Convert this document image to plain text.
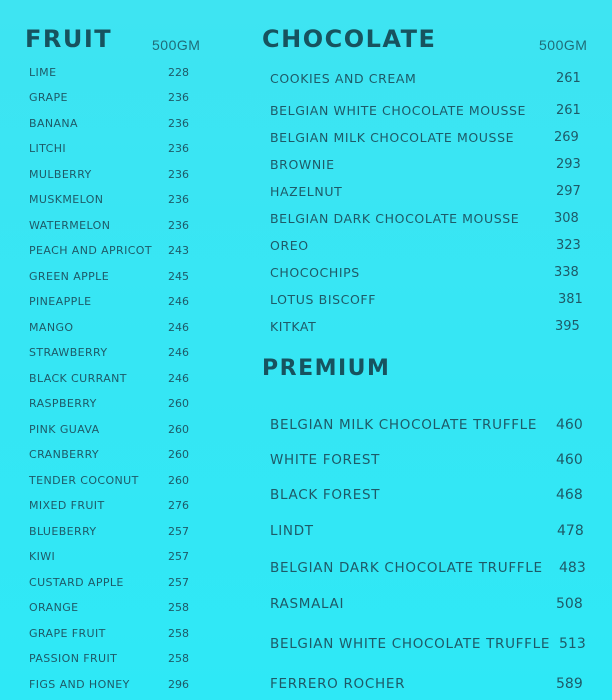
FRUIT	500GM	CHOCOLATE	500GM
PREMIUM
LIME	228
GRAPE	236
BANANA	236
LITCHI	236
MULBERRY	236
MUSKMELON	236
WATERMELON	236
PEACH AND APRICOT 243
GREEN APPLE	245
PINEAPPLE	246
MANGO	246
STRAWBERRY	246
BLACK CURRANT	246
RASPBERRY	260
PINK GUAVA	260
CRANBERRY	260
TENDER COCONUT	260
MIXED FRUIT	276
BLUEBERRY	257
KIWI	257
CUSTARD APPLE	257
ORANGE	258
GRAPE FRUIT	258
PASSION FRUIT	258
FIGS AND HONEY	296
COOKIES AND CREAM	261
BELGIAN WHITE CHOCOLATE MOUSSE 261
BELGIAN MILK CHOCOLATE MOUSSE	269
BROWNIE	293
HAZELNUT	297
BELGIAN DARK CHOCOLATE MOUSSE	308
OREO	323
CHOCOCHIPS	338
LOTUS BISCOFF	381
KITKAT	395
BELGIAN MILK CHOCOLATE TRUFFLE 460
WHITE FOREST	460
BLACK FOREST	468
LINDT	478
BELGIAN DARK CHOCOLATE TRUFFLE 483
RASMALAI	508
BELGIAN WHITE CHOCOLATE TRUFFLE 513
FERRERO ROCHER	589
